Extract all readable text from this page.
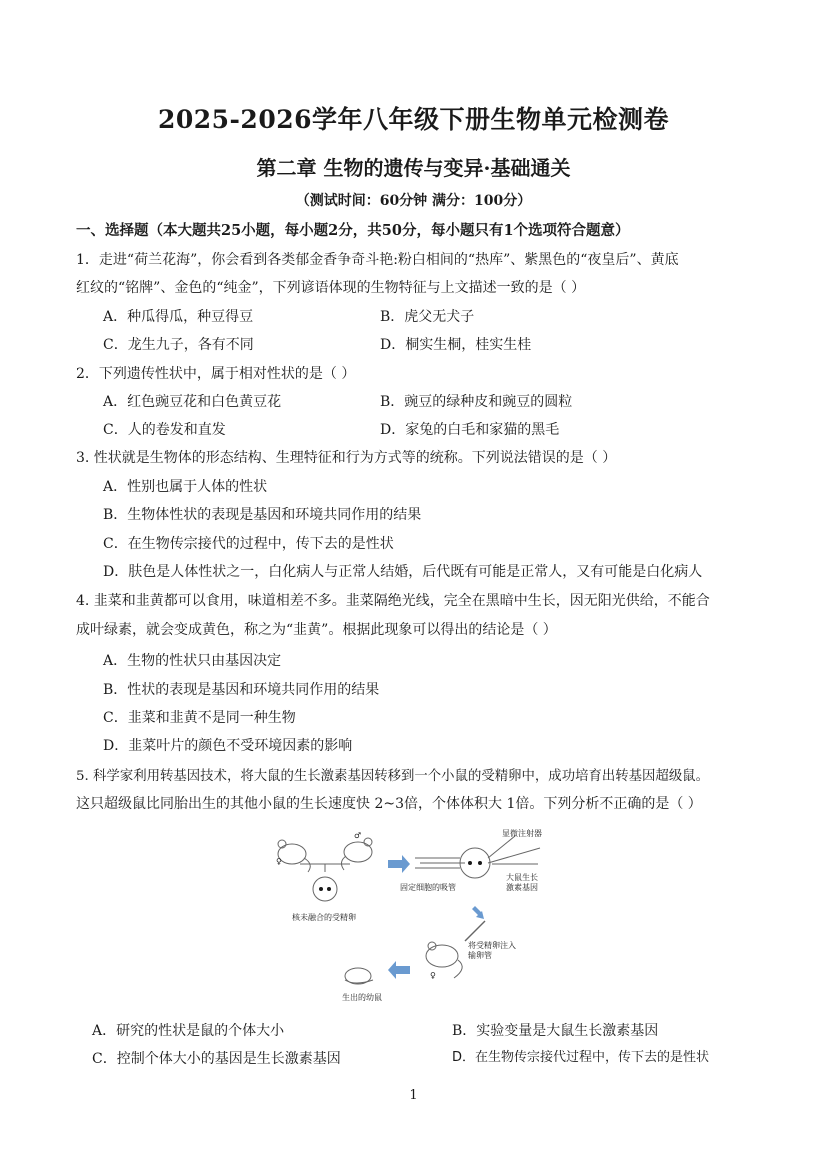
2025-2026学年八年级下册生物单元检测卷
第二章 生物的遗传与变异·基础通关
（测试时间：60分钟 满分：100分）
一、选择题（本大题共25小题，每小题2分，共50分，每小题只有1个选项符合题意）
1．走进“荷兰花海”，你会看到各类郁金香争奇斗艳:粉白相间的“热库”、紫黑色的“夜皇后”、黄底
红纹的“铭牌”、金色的“纯金”，下列谚语体现的生物特征与上文描述一致的是（ ）
A．种瓜得瓜，种豆得豆	B．虎父无犬子
C．龙生九子，各有不同	D．桐实生桐，桂实生桂
2．下列遗传性状中，属于相对性状的是（ ）
A．红色豌豆花和白色黄豆花	B．豌豆的绿种皮和豌豆的圆粒
C．人的卷发和直发	D．家兔的白毛和家猫的黑毛
3. 性状就是生物体的形态结构、生理特征和行为方式等的统称。下列说法错误的是（ ）
A．性别也属于人体的性状
B．生物体性状的表现是基因和环境共同作用的结果
C．在生物传宗接代的过程中，传下去的是性状
D．肤色是人体性状之一，白化病人与正常人结婚，后代既有可能是正常人，又有可能是白化病人
4. 韭菜和韭黄都可以食用，味道相差不多。韭菜隔绝光线，完全在黑暗中生长，因无阳光供给，不能合
成叶绿素，就会变成黄色，称之为“韭黄”。根据此现象可以得出的结论是（ ）
A．生物的性状只由基因决定
B．性状的表现是基因和环境共同作用的结果
C．韭菜和韭黄不是同一种生物
D．韭菜叶片的颜色不受环境因素的影响
5. 科学家利用转基因技术，将大鼠的生长激素基因转移到一个小鼠的受精卵中，成功培育出转基因超级鼠。
这只超级鼠比同胎出生的其他小鼠的生长速度快 2~3倍，个体体积大 1倍。下列分析不正确的是（ ）
♀
♂
核未融合的受精卵
固定细胞的吸管
显微注射器
大鼠生长
激素基因
将受精卵注入
输卵管
♀
生出的幼鼠
A．研究的性状是鼠的个体大小	B．实验变量是大鼠生长激素基因
C．控制个体大小的基因是生长激素基因	D．在生物传宗接代过程中，传下去的是性状
1
